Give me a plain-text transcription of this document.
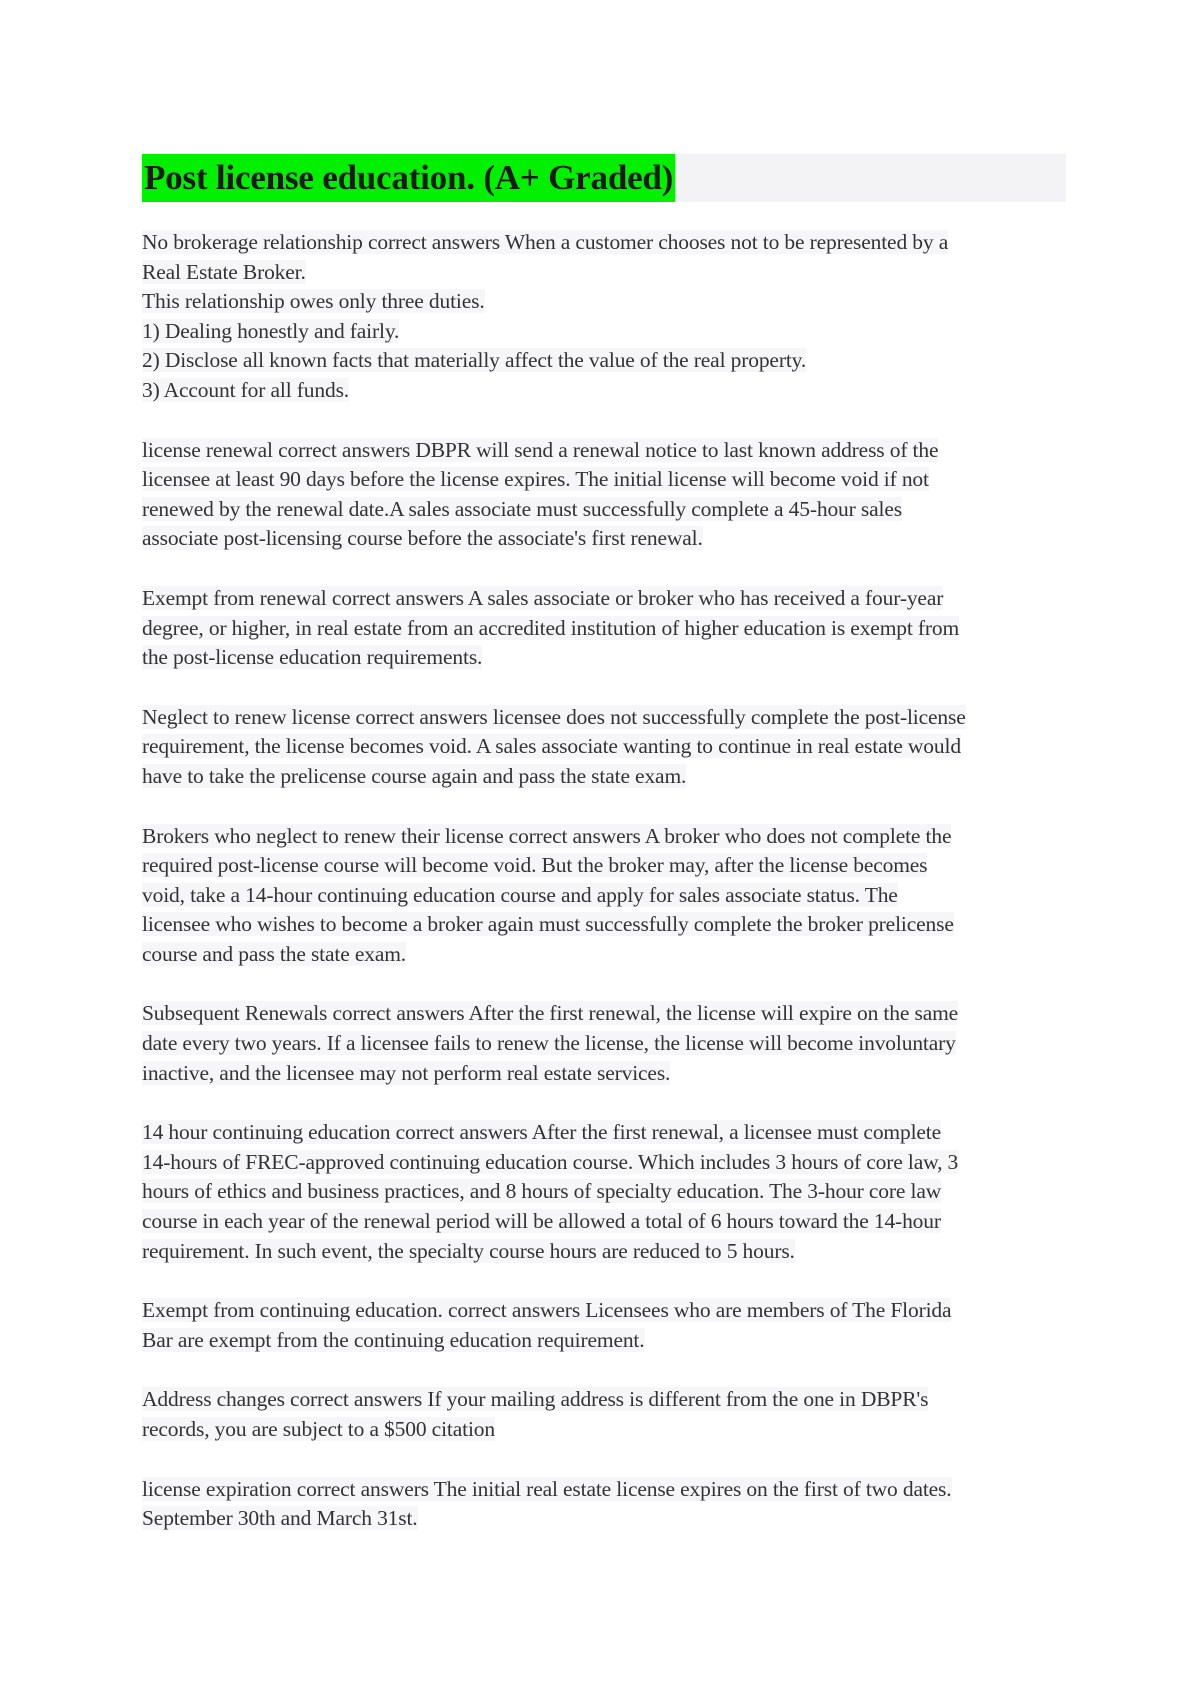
Post license education. (A+ Graded)
No brokerage relationship correct answers When a customer chooses not to be represented by a
Real Estate Broker.
This relationship owes only three duties.
1) Dealing honestly and fairly.
2) Disclose all known facts that materially affect the value of the real property.
3) Account for all funds.
license renewal correct answers DBPR will send a renewal notice to last known address of the
licensee at least 90 days before the license expires. The initial license will become void if not
renewed by the renewal date.A sales associate must successfully complete a 45-hour sales
associate post-licensing course before the associate's first renewal.
Exempt from renewal correct answers A sales associate or broker who has received a four-year
degree, or higher, in real estate from an accredited institution of higher education is exempt from
the post-license education requirements.
Neglect to renew license correct answers licensee does not successfully complete the post-license
requirement, the license becomes void. A sales associate wanting to continue in real estate would
have to take the prelicense course again and pass the state exam.
Brokers who neglect to renew their license correct answers A broker who does not complete the
required post-license course will become void. But the broker may, after the license becomes
void, take a 14-hour continuing education course and apply for sales associate status. The
licensee who wishes to become a broker again must successfully complete the broker prelicense
course and pass the state exam.
Subsequent Renewals correct answers After the first renewal, the license will expire on the same
date every two years. If a licensee fails to renew the license, the license will become involuntary
inactive, and the licensee may not perform real estate services.
14 hour continuing education correct answers After the first renewal, a licensee must complete
14-hours of FREC-approved continuing education course. Which includes 3 hours of core law, 3
hours of ethics and business practices, and 8 hours of specialty education. The 3-hour core law
course in each year of the renewal period will be allowed a total of 6 hours toward the 14-hour
requirement. In such event, the specialty course hours are reduced to 5 hours.
Exempt from continuing education. correct answers Licensees who are members of The Florida
Bar are exempt from the continuing education requirement.
Address changes correct answers If your mailing address is different from the one in DBPR's
records, you are subject to a $500 citation
license expiration correct answers The initial real estate license expires on the first of two dates.
September 30th and March 31st.
